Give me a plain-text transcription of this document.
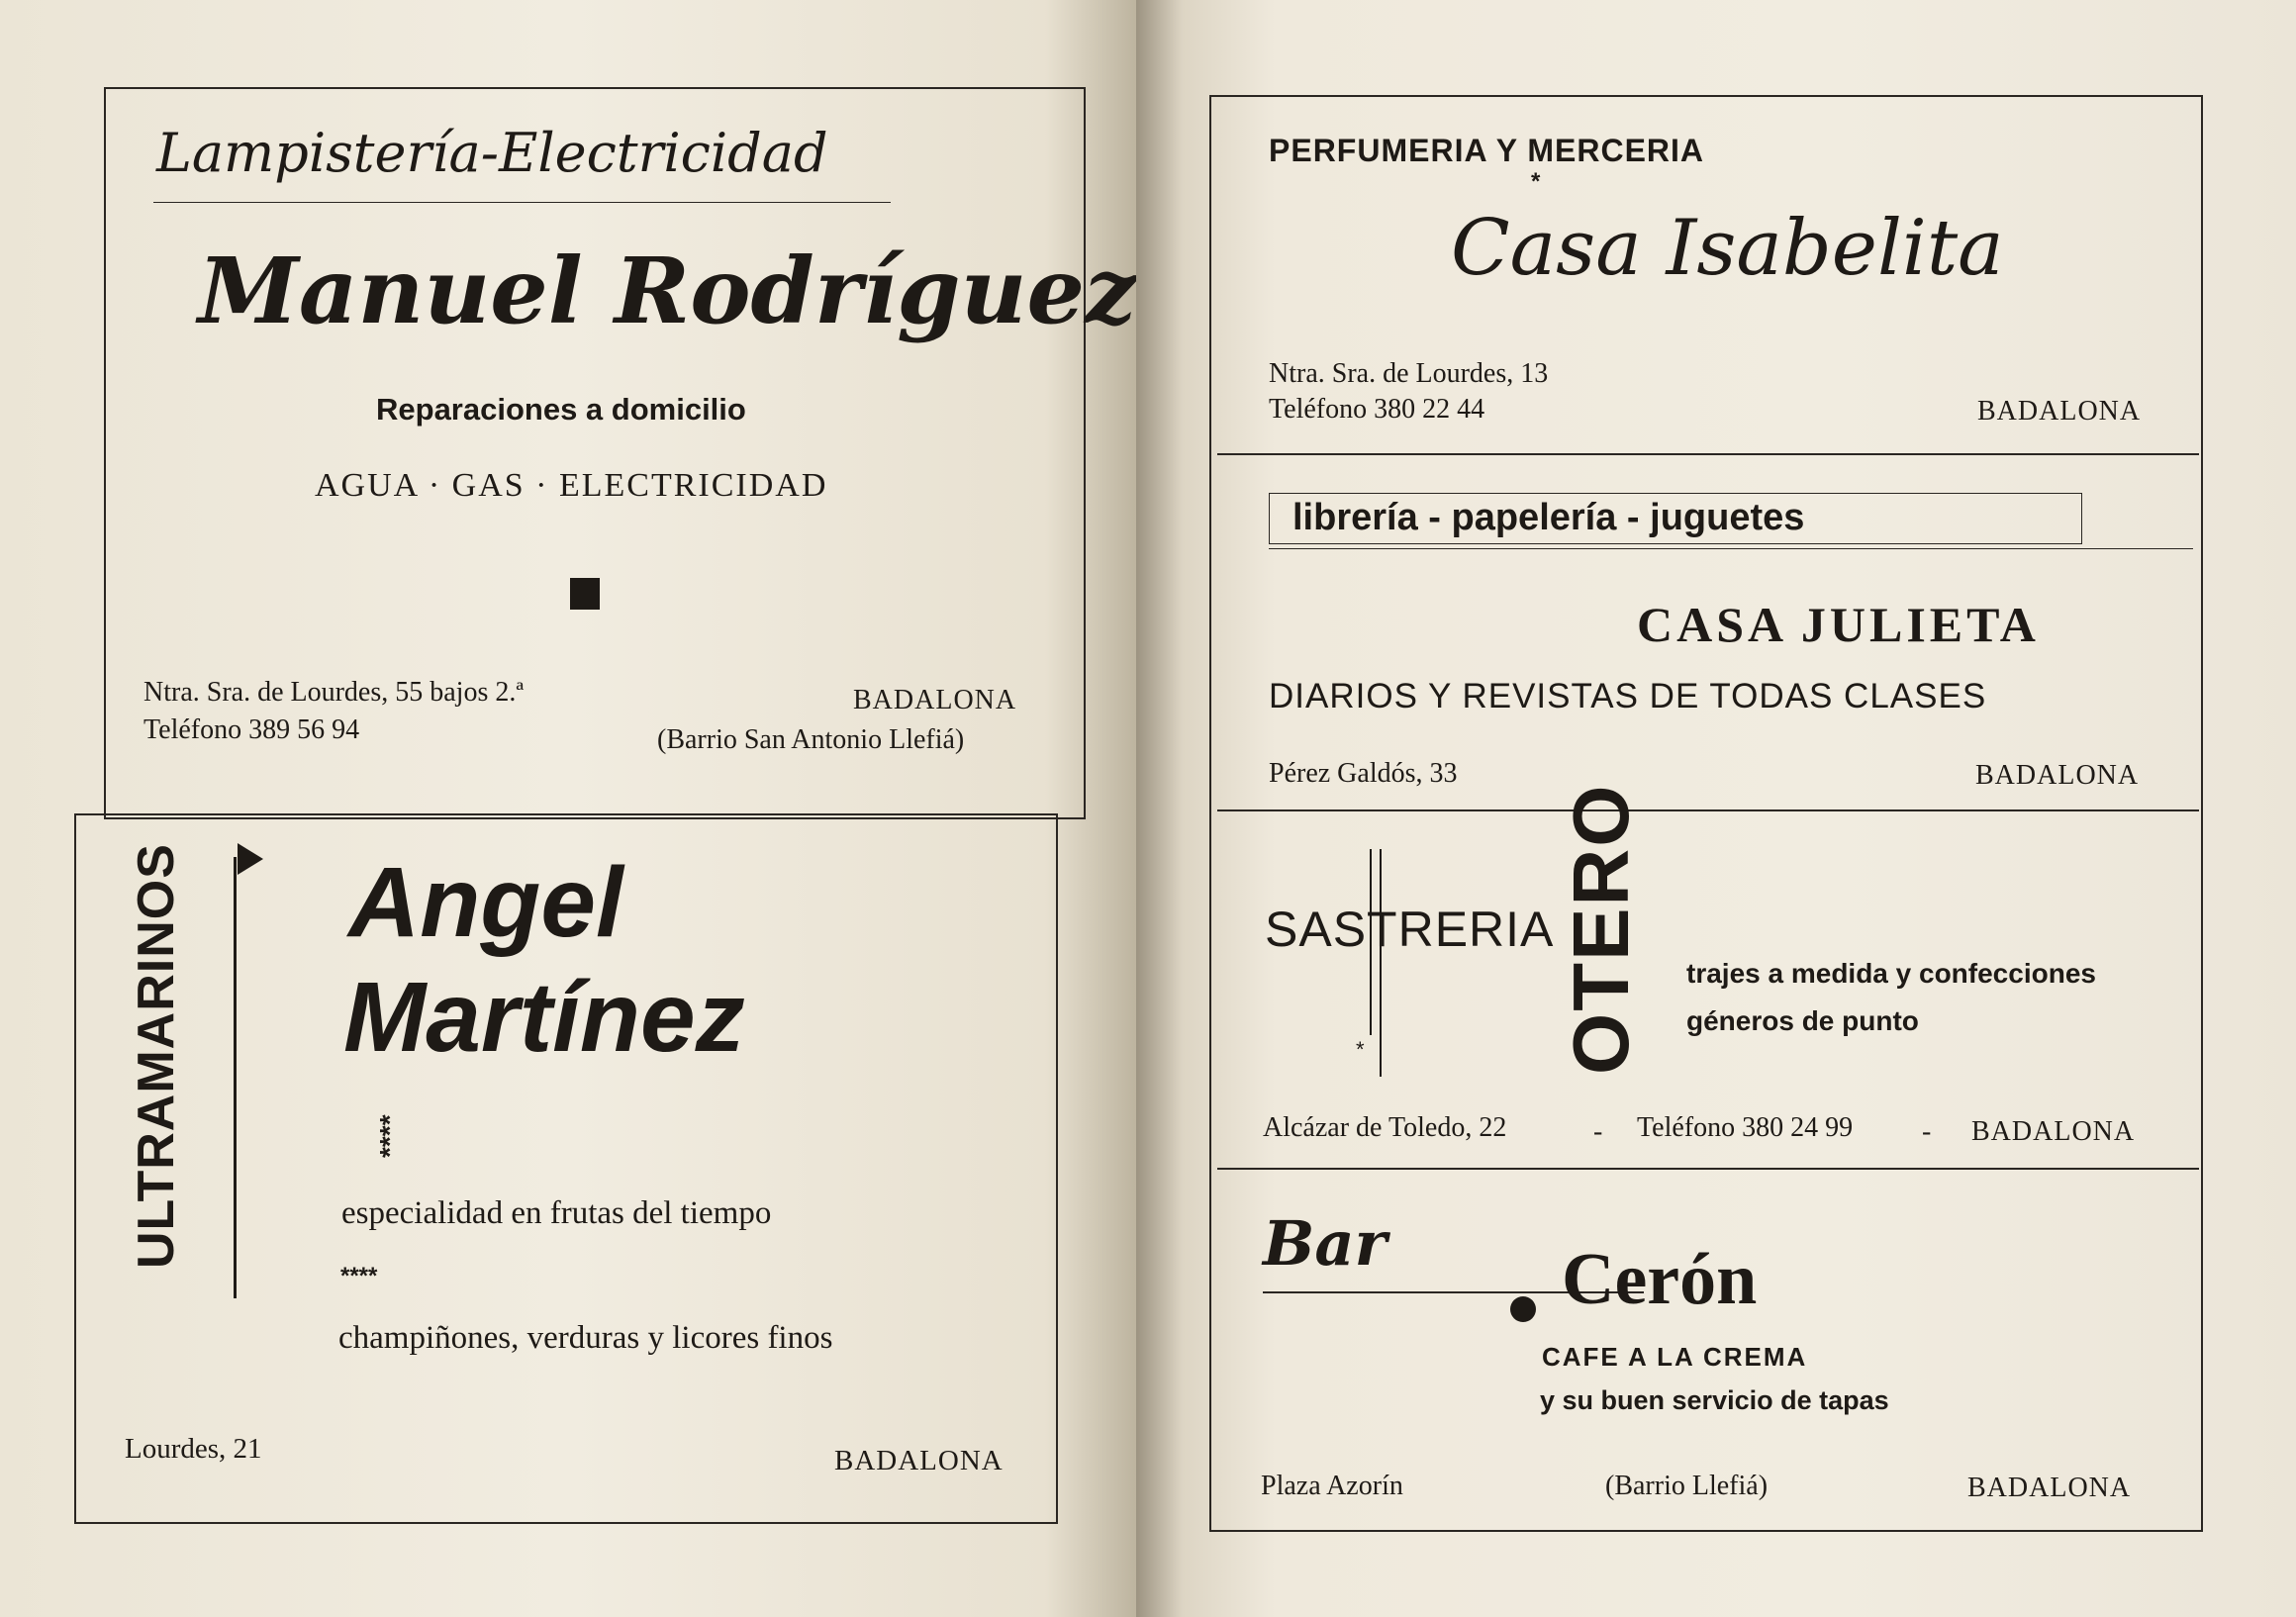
Lampistería-Electricidad
Manuel Rodríguez
Reparaciones a domicilio
AGUA · GAS · ELECTRICIDAD
Ntra. Sra. de Lourdes, 55 bajos 2.ª
Teléfono 389 56 94
BADALONA
(Barrio San Antonio Llefiá)
ULTRAMARINOS Angel
Martínez
****
especialidad en frutas del tiempo
****
champiñones, verduras y licores finos
Lourdes, 21	BADALONA
PERFUMERIA Y MERCERIA
*
Casa Isabelita
Ntra. Sra. de Lourdes, 13
Teléfono 380 22 44	BADALONA
librería - papelería - juguetes
CASA JULIETA
DIARIOS Y REVISTAS DE TODAS CLASES
Pérez Galdós, 33	BADALONA
SASTRERIA
* OTERO trajes a medida y confecciones
géneros de punto
Alcázar de Toledo, 22	- Teléfono 380 24 99 - BADALONA
Bar Cerón
CAFE A LA CREMA
y su buen servicio de tapas
Plaza Azorín	(Barrio Llefiá)	BADALONA
